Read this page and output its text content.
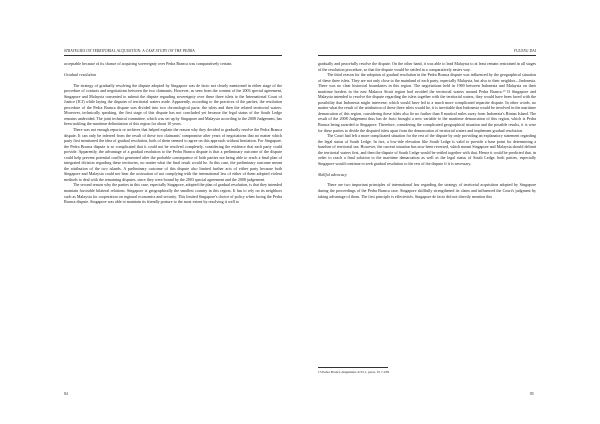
STRATEGIES ON TERRITORIAL ACQUISITION: A CASE STUDY ON THE PEDRA

acceptable because of its chance of acquiring sovereignty over Pedra Branca was comparatively certain.

Gradual resolution

The strategy of gradually resolving the dispute adopted by Singapore was de facto not clearly mentioned in either stage of the procedure of contacts and negotiations between the two claimants. However, as seen from the content of the 2003 special agreement, Singapore and Malaysia consented to submit the dispute regarding sovereignty over these three islets to the International Court of Justice (ICJ) while laying the disputes of territorial waters aside. Apparently, according to the practices of the parties, the resolution procedure of the Pedra Branca dispute was divided into two chronological parts: the islets and then the related territorial waters. Moreover, technically speaking, the first stage of this dispute has not concluded yet because the legal status of the South Ledge remains undecided. The joint technical committee, which was set up by Singapore and Malaysia according to the 2008 Judgement, has been tackling the maritime delimitation of this region for about 10 years.

There was not enough reports or archives that helped explain the reason why they decided to gradually resolve the Pedra Branca dispute. It can only be inferred from the result of these two claimants' compromise after years of negotiations that no matter which party first mentioned the idea of gradual resolution, both of them seemed to agree on this approach without hesitation. For Singapore, the Pedra Branca dispute is so complicated that it could not be resolved completely, considering the evidence that each party could provide. Apparently, the advantage of a gradual resolution to the Pedra Branca dispute is that a preliminary outcome of the dispute could help prevent potential conflict generated after the probable consequence of both parties not being able to reach a final plan of integrated division regarding these territories, no matter what the final result would be. In this case, the preliminary outcome meant the attribution of the two islands. A preliminary outcome of this dispute also limited further acts of either party because both Singapore and Malaysia could not bear the accusation of not complying with the international law of either of them adopted violent methods to deal with the remaining disputes, since they were bound by the 2003 special agreement and the 2008 judgement.

The second reason why the parties in this case, especially Singapore, adopted the plan of gradual resolution, is that they intended maintain favorable bilateral relations. Singapore is geographically the smallest country in this region. It has to rely on its neighbors such as Malaysia for cooperation on regional economics and security. This limited Singapore's choice of policy when facing the Pedra Branca dispute. Singapore was able to maintain its friendly posture to the most extent by resolving it well to

84
YULONG DAI

gradually and peacefully resolve the dispute. On the other hand, it was able to lead Malaysia to at least remain restrained in all stages of the resolution procedure, so that the dispute would be settled in a comparatively easier way.

The third reason for the adoption of gradual resolution in the Pedra Branca dispute was influenced by the geographical situation of these three islets. They are not only close to the mainland of each party, especially Malaysia, but also to their neighbor—Indonesia. There was no clear historical boundaries in this region. The negotiations held in 1969 between Indonesia and Malaysia on their maritime borders in the east Malacca Strait region had avoided the territorial waters around Pedra Branca.$^{13}$ If Singapore and Malaysia intended to resolve the dispute regarding the islets together with the territorial waters, they would have been faced with the possibility that Indonesia might intervene, which would have led to a much more complicated tripartite dispute. In other words, no matter what the result of the attribution of these three islets would be, it is inevitable that Indonesia would be involved in the maritime demarcation of this region, considering these islets also lie no further than 8 nautical miles away from Indonesia's Bintan Island. The result of the 2008 Judgement thus has de facto brought a new variable to the maritime demarcation of this region, which is Pedra Branca being awarded to Singapore. Therefore, considering the complicated geographical situation and the possible results, it is wise for these parties to divide the disputed islets apart from the demarcation of territorial waters and implement gradual resolution.

The Court had left a more complicated situation for the rest of the dispute by only providing an explanatory statement regarding the legal status of South Ledge. In fact, a low-tide elevation like South Ledge is valid to provide a base point for determining a baseline of territorial sea. However, the current situation has now been reversed, which meant Singapore and Malaysia should delimit the territorial waters first, and then the dispute of South Ledge would be settled together with that. Hence it could be predicted that, in order to reach a final solution to the maritime demarcation as well as the legal status of South Ledge, both parties, especially Singapore would continue to seek gradual resolution to the rest of the dispute if it is necessary.

Skillful advocacy

There are two important principles of international law regarding the strategy of territorial acquisition adopted by Singapore during the proceedings of the Pedra Branca case. Singapore skillfully strengthened its claim and influenced the Court's judgment by taking advantage of them. The first principle is effectivités. Singapore de facto did not directly mention this

13 Pedra Branca Judgement, 9/3/11, paras. 25 7-238.
85
